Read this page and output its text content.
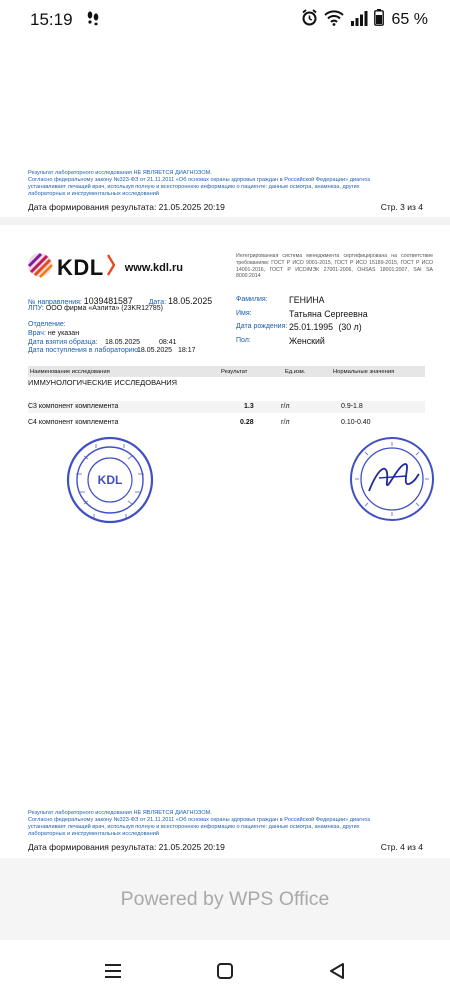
15:19	65 %
Результат лабораторного исследования НЕ ЯВЛЯЕТСЯ ДИАГНОЗОМ.
Согласно федеральному закону №323-ФЗ от 21.11.2011 «Об основах охраны здоровья граждан в Российской Федерации» диагноз
устанавливает лечащий врач, используя полную и всестороннюю информацию о пациенте: данные осмотра, анамнеза, других
лабораторных и инструментальных исследований
Дата формирования результата: 21.05.2025 20:19	Стр. 3 из 4
KDL www.kdl.ru
Интегрированная система менеджмента сертифицирована на соответствие требованиям: ГОСТ Р ИСО 9001-2015, ГОСТ Р ИСО 15189-2015, ГОСТ Р ИСО 14001-2016, ГОСТ Р ИСО/МЭК 27001-2006, OHSAS 18001:2007, SAI SA 8000:2014
№ направления: 1039481587 Дата: 18.05.2025
ЛПУ: ООО фирма «Аэлита» (23KR12785)
Отделение:
Врач: не указан
Дата взятия образца: 18.05.2025	08:41
Дата поступления в лабораторию:
18.05.2025 18:17
Фамилия: ГЕНИНА
Имя:	Татьяна Сергеевна
Дата рождения: 25.01.1995 (30 л)
Пол:	Женский
Наименование исследования	Результат	Ед.изм.	Нормальные значения
ИММУНОЛОГИЧЕСКИЕ ИССЛЕДОВАНИЯ
С3 компонент комплемента	1.3	г/л	0.9-1.8
С4 компонент комплемента	0.28	г/л	0.10-0.40
KDL
Результат лабораторного исследования НЕ ЯВЛЯЕТСЯ ДИАГНОЗОМ.
Согласно федеральному закону №323-ФЗ от 21.11.2011 «Об основах охраны здоровья граждан в Российской Федерации» диагноз
устанавливает лечащий врач, используя полную и всестороннюю информацию о пациенте: данные осмотра, анамнеза, других
лабораторных и инструментальных исследований
Дата формирования результата: 21.05.2025 20:19	Стр. 4 из 4
Powered by WPS Office
